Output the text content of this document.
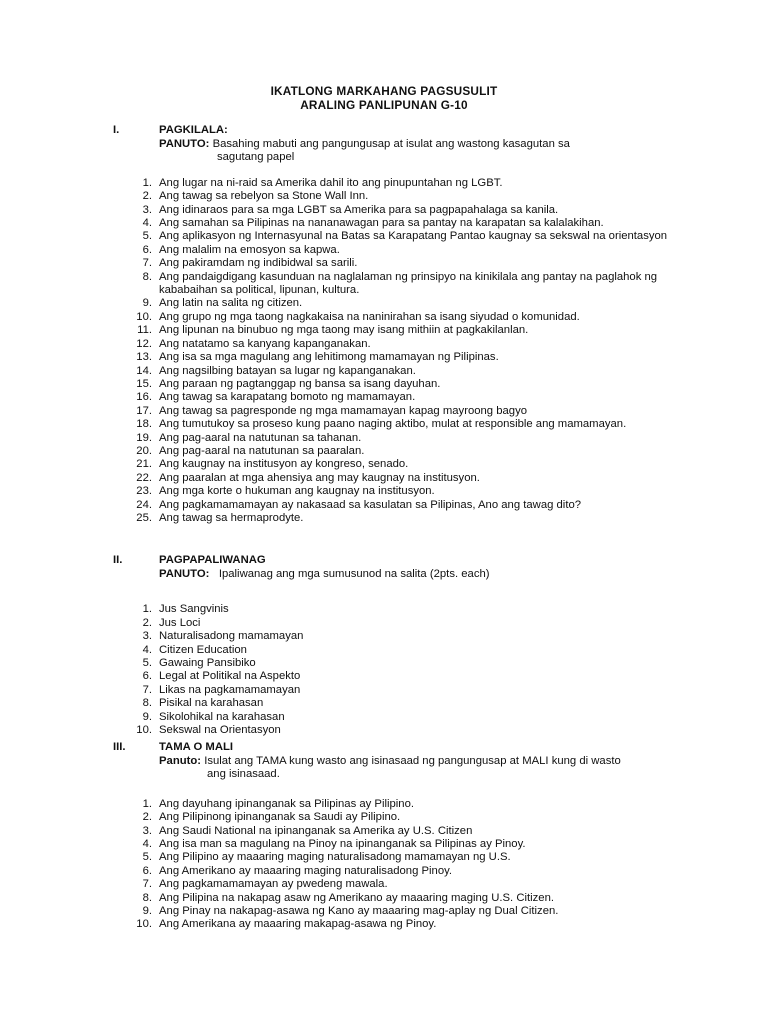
IKATLONG MARKAHANG PAGSUSULIT
ARALING PANLIPUNAN G-10
I.	PAGKILALA:
PANUTO: Basahing mabuti ang pangungusap at isulat ang wastong kasagutan sa
sagutang papel
1. Ang lugar na ni-raid sa Amerika dahil ito ang pinupuntahan ng LGBT.
2. Ang tawag sa rebelyon sa Stone Wall Inn.
3. Ang idinaraos para sa mga LGBT sa Amerika para sa pagpapahalaga sa kanila.
4. Ang samahan sa Pilipinas na nananawagan para sa pantay na karapatan sa kalalakihan.
5. Ang aplikasyon ng Internasyunal na Batas sa Karapatang Pantao kaugnay sa sekswal na orientasyon
6. Ang malalim na emosyon sa kapwa.
7. Ang pakiramdam ng indibidwal sa sarili.
8. Ang pandaigdigang kasunduan na naglalaman ng prinsipyo na kinikilala ang pantay na paglahok ng kababaihan sa political, lipunan, kultura.
9. Ang latin na salita ng citizen.
10. Ang grupo ng mga taong nagkakaisa na naninirahan sa isang siyudad o komunidad.
11. Ang lipunan na binubuo ng mga taong may isang mithiin at pagkakilanlan.
12. Ang natatamo sa kanyang kapanganakan.
13. Ang isa sa mga magulang ang lehitimong mamamayan ng Pilipinas.
14. Ang nagsilbing batayan sa lugar ng kapanganakan.
15. Ang paraan ng pagtanggap ng bansa sa isang dayuhan.
16. Ang tawag sa karapatang bomoto ng mamamayan.
17. Ang tawag sa pagresponde ng mga mamamayan kapag mayroong bagyo
18. Ang tumutukoy sa proseso kung paano naging aktibo, mulat at responsible ang mamamayan.
19. Ang pag-aaral na natutunan sa tahanan.
20. Ang pag-aaral na natutunan sa paaralan.
21. Ang kaugnay na institusyon ay kongreso, senado.
22. Ang paaralan at mga ahensiya ang may kaugnay na institusyon.
23. Ang mga korte o hukuman ang kaugnay na institusyon.
24. Ang pagkamamamayan ay nakasaad sa kasulatan sa Pilipinas, Ano ang tawag dito?
25. Ang tawag sa hermaprodyte.
II.	PAGPAPALIWANAG
PANUTO: Ipaliwanag ang mga sumusunod na salita (2pts. each)
1. Jus Sangvinis
2. Jus Loci
3. Naturalisadong mamamayan
4. Citizen Education
5. Gawaing Pansibiko
6. Legal at Politikal na Aspekto
7. Likas na pagkamamamayan
8. Pisikal na karahasan
9. Sikolohikal na karahasan
10. Sekswal na Orientasyon
III.	TAMA O MALI
Panuto: Isulat ang TAMA kung wasto ang isinasaad ng pangungusap at MALI kung di wasto
ang isinasaad.
1. Ang dayuhang ipinanganak sa Pilipinas ay Pilipino.
2. Ang Pilipinong ipinanganak sa Saudi ay Pilipino.
3. Ang Saudi National na ipinanganak sa Amerika ay U.S. Citizen
4. Ang isa man sa magulang na Pinoy na ipinanganak sa Pilipinas ay Pinoy.
5. Ang Pilipino ay maaaring maging naturalisadong mamamayan ng U.S.
6. Ang Amerikano ay maaaring maging naturalisadong Pinoy.
7. Ang pagkamamamayan ay pwedeng mawala.
8. Ang Pilipina na nakapag asaw ng Amerikano ay maaaring maging U.S. Citizen.
9. Ang Pinay na nakapag-asawa ng Kano ay maaaring mag-aplay ng Dual Citizen.
10. Ang Amerikana ay maaaring makapag-asawa ng Pinoy.
